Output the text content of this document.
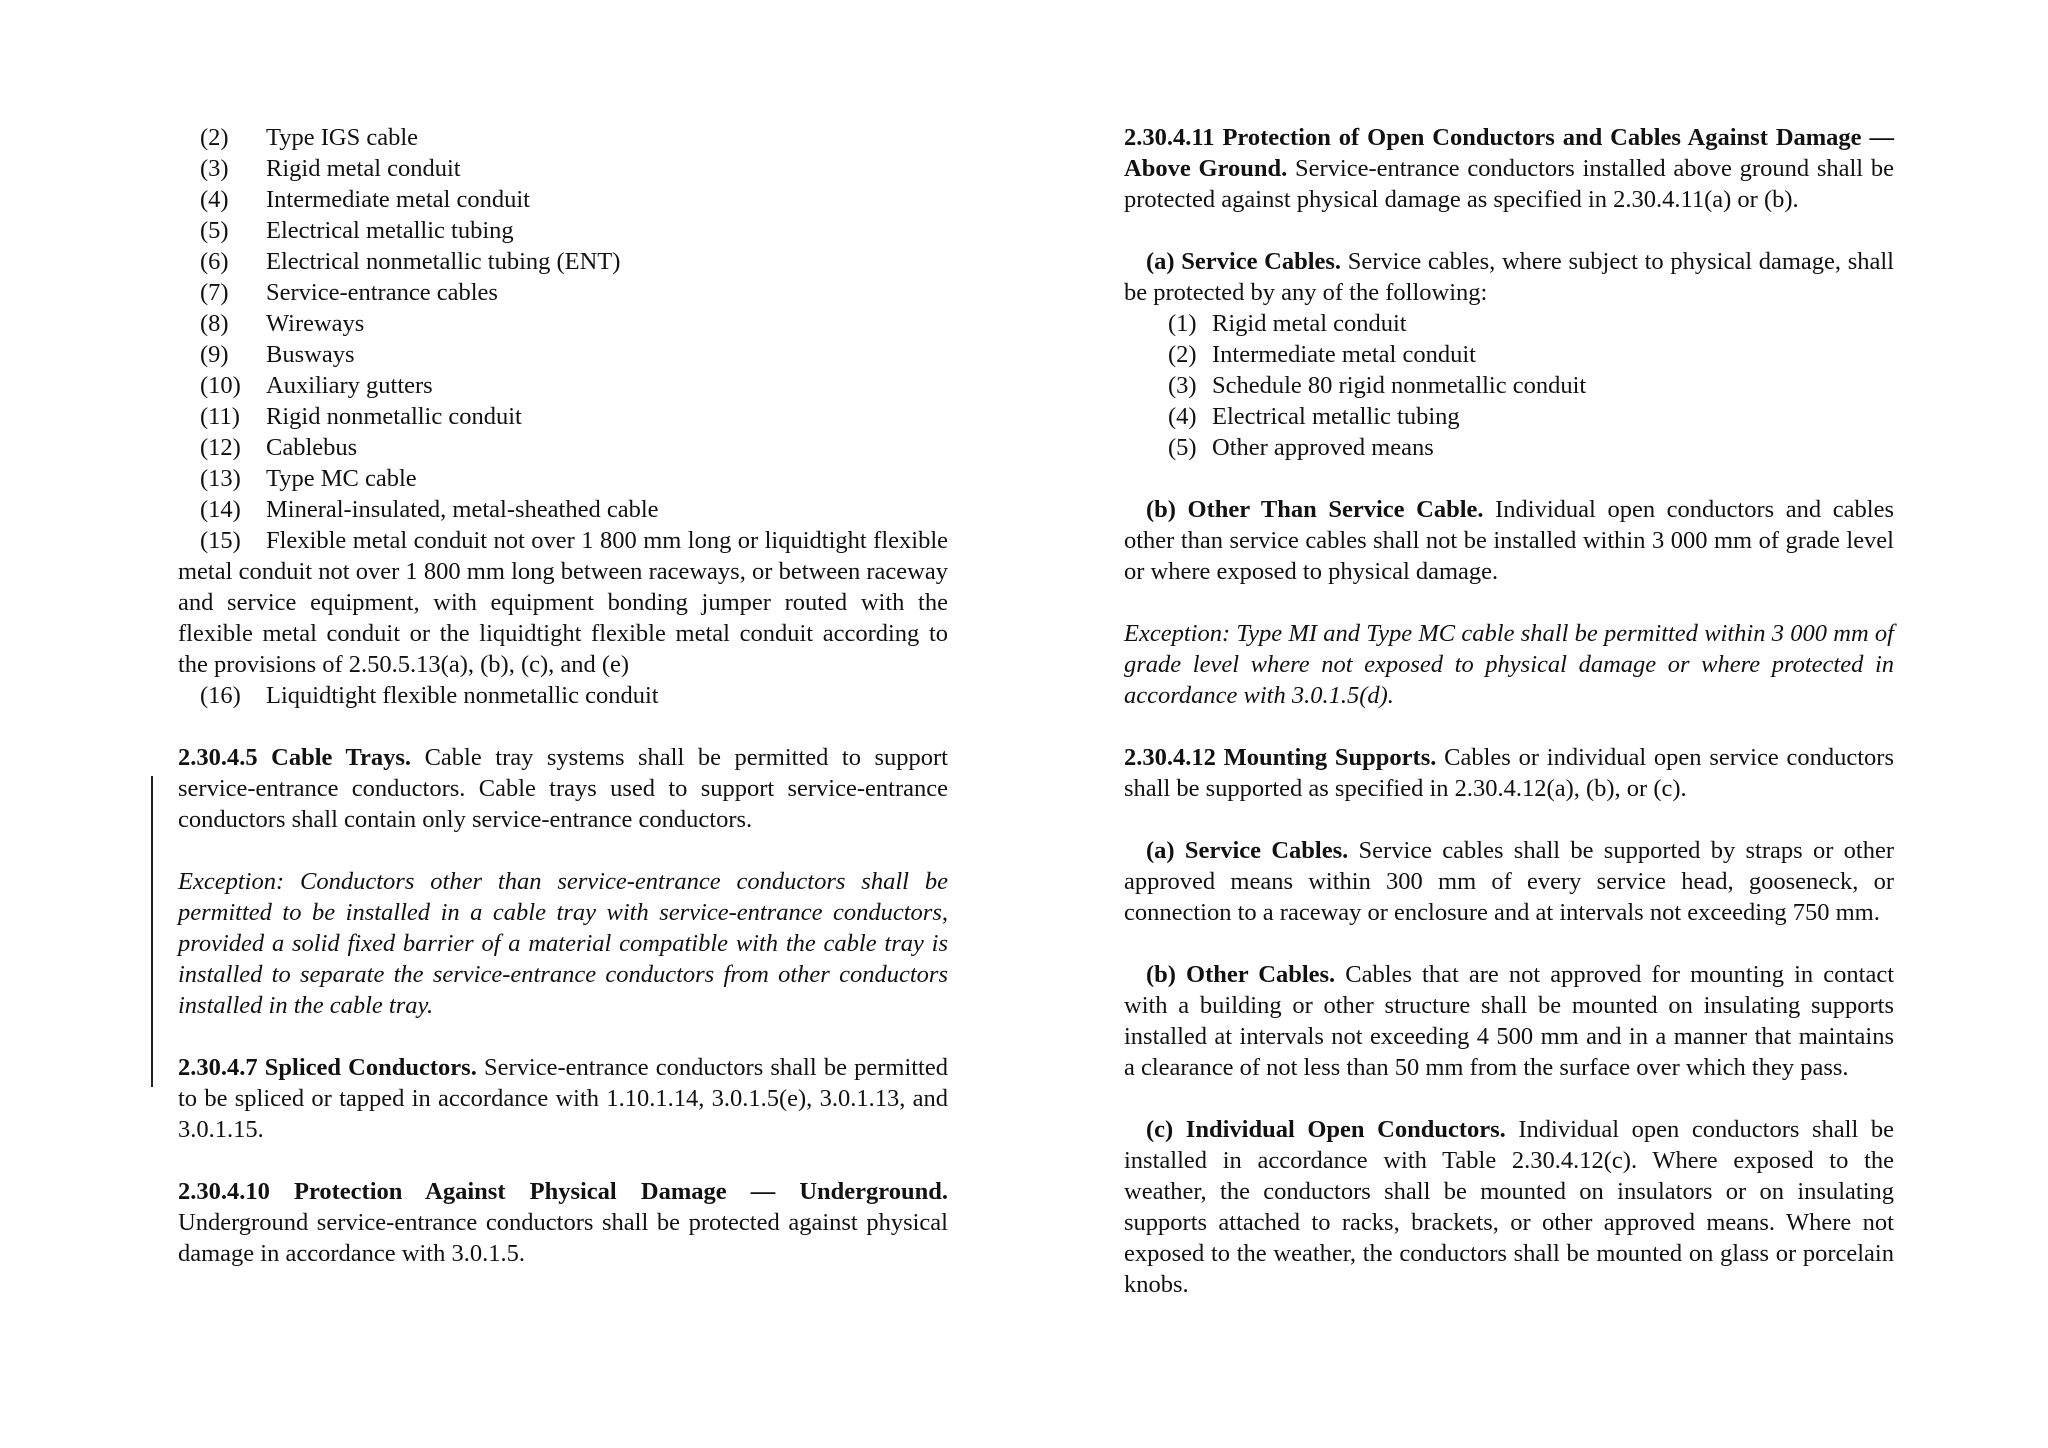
(2)	Type IGS cable
(3)	Rigid metal conduit
(4)	Intermediate metal conduit
(5)	Electrical metallic tubing
(6)	Electrical nonmetallic tubing (ENT)
(7)	Service-entrance cables
(8)	Wireways
(9)	Busways
(10)	Auxiliary gutters
(11)	Rigid nonmetallic conduit
(12)	Cablebus
(13)	Type MC cable
(14)	Mineral-insulated, metal-sheathed cable

(15) Flexible metal conduit not over 1 800 mm long or liquidtight flexible metal conduit not over 1 800 mm long between raceways, or between raceway and service equipment, with equipment bonding jumper routed with the flexible metal conduit or the liquidtight flexible metal conduit according to the provisions of 2.50.5.13(a), (b), (c), and (e)

(16) Liquidtight flexible nonmetallic conduit

2.30.4.5 Cable Trays. Cable tray systems shall be permitted to support service-entrance conductors. Cable trays used to support service-entrance conductors shall contain only service-entrance conductors.

Exception: Conductors other than service-entrance conductors shall be permitted to be installed in a cable tray with service-entrance conductors, provided a solid fixed barrier of a material compatible with the cable tray is installed to separate the service-entrance conductors from other conductors installed in the cable tray.

2.30.4.7 Spliced Conductors. Service-entrance conductors shall be permitted to be spliced or tapped in accordance with 1.10.1.14, 3.0.1.5(e), 3.0.1.13, and 3.0.1.15.

2.30.4.10 Protection Against Physical Damage — Underground. Underground service-entrance conductors shall be protected against physical damage in accordance with 3.0.1.5.

2.30.4.11 Protection of Open Conductors and Cables Against Damage — Above Ground. Service-entrance conductors installed above ground shall be protected against physical damage as specified in 2.30.4.11(a) or (b).

(a) Service Cables. Service cables, where subject to physical damage, shall be protected by any of the following:

(1) Rigid metal conduit
(2) Intermediate metal conduit
(3) Schedule 80 rigid nonmetallic conduit
(4) Electrical metallic tubing
(5) Other approved means

(b) Other Than Service Cable. Individual open conductors and cables other than service cables shall not be installed within 3 000 mm of grade level or where exposed to physical damage.

Exception: Type MI and Type MC cable shall be permitted within 3 000 mm of grade level where not exposed to physical damage or where protected in accordance with 3.0.1.5(d).

2.30.4.12 Mounting Supports. Cables or individual open service conductors shall be supported as specified in 2.30.4.12(a), (b), or (c).

(a) Service Cables. Service cables shall be supported by straps or other approved means within 300 mm of every service head, gooseneck, or connection to a raceway or enclosure and at intervals not exceeding 750 mm.

(b) Other Cables. Cables that are not approved for mounting in contact with a building or other structure shall be mounted on insulating supports installed at intervals not exceeding 4 500 mm and in a manner that maintains a clearance of not less than 50 mm from the surface over which they pass.

(c) Individual Open Conductors. Individual open conductors shall be installed in accordance with Table 2.30.4.12(c). Where exposed to the weather, the conductors shall be mounted on insulators or on insulating supports attached to racks, brackets, or other approved means. Where not exposed to the weather, the conductors shall be mounted on glass or porcelain knobs.
